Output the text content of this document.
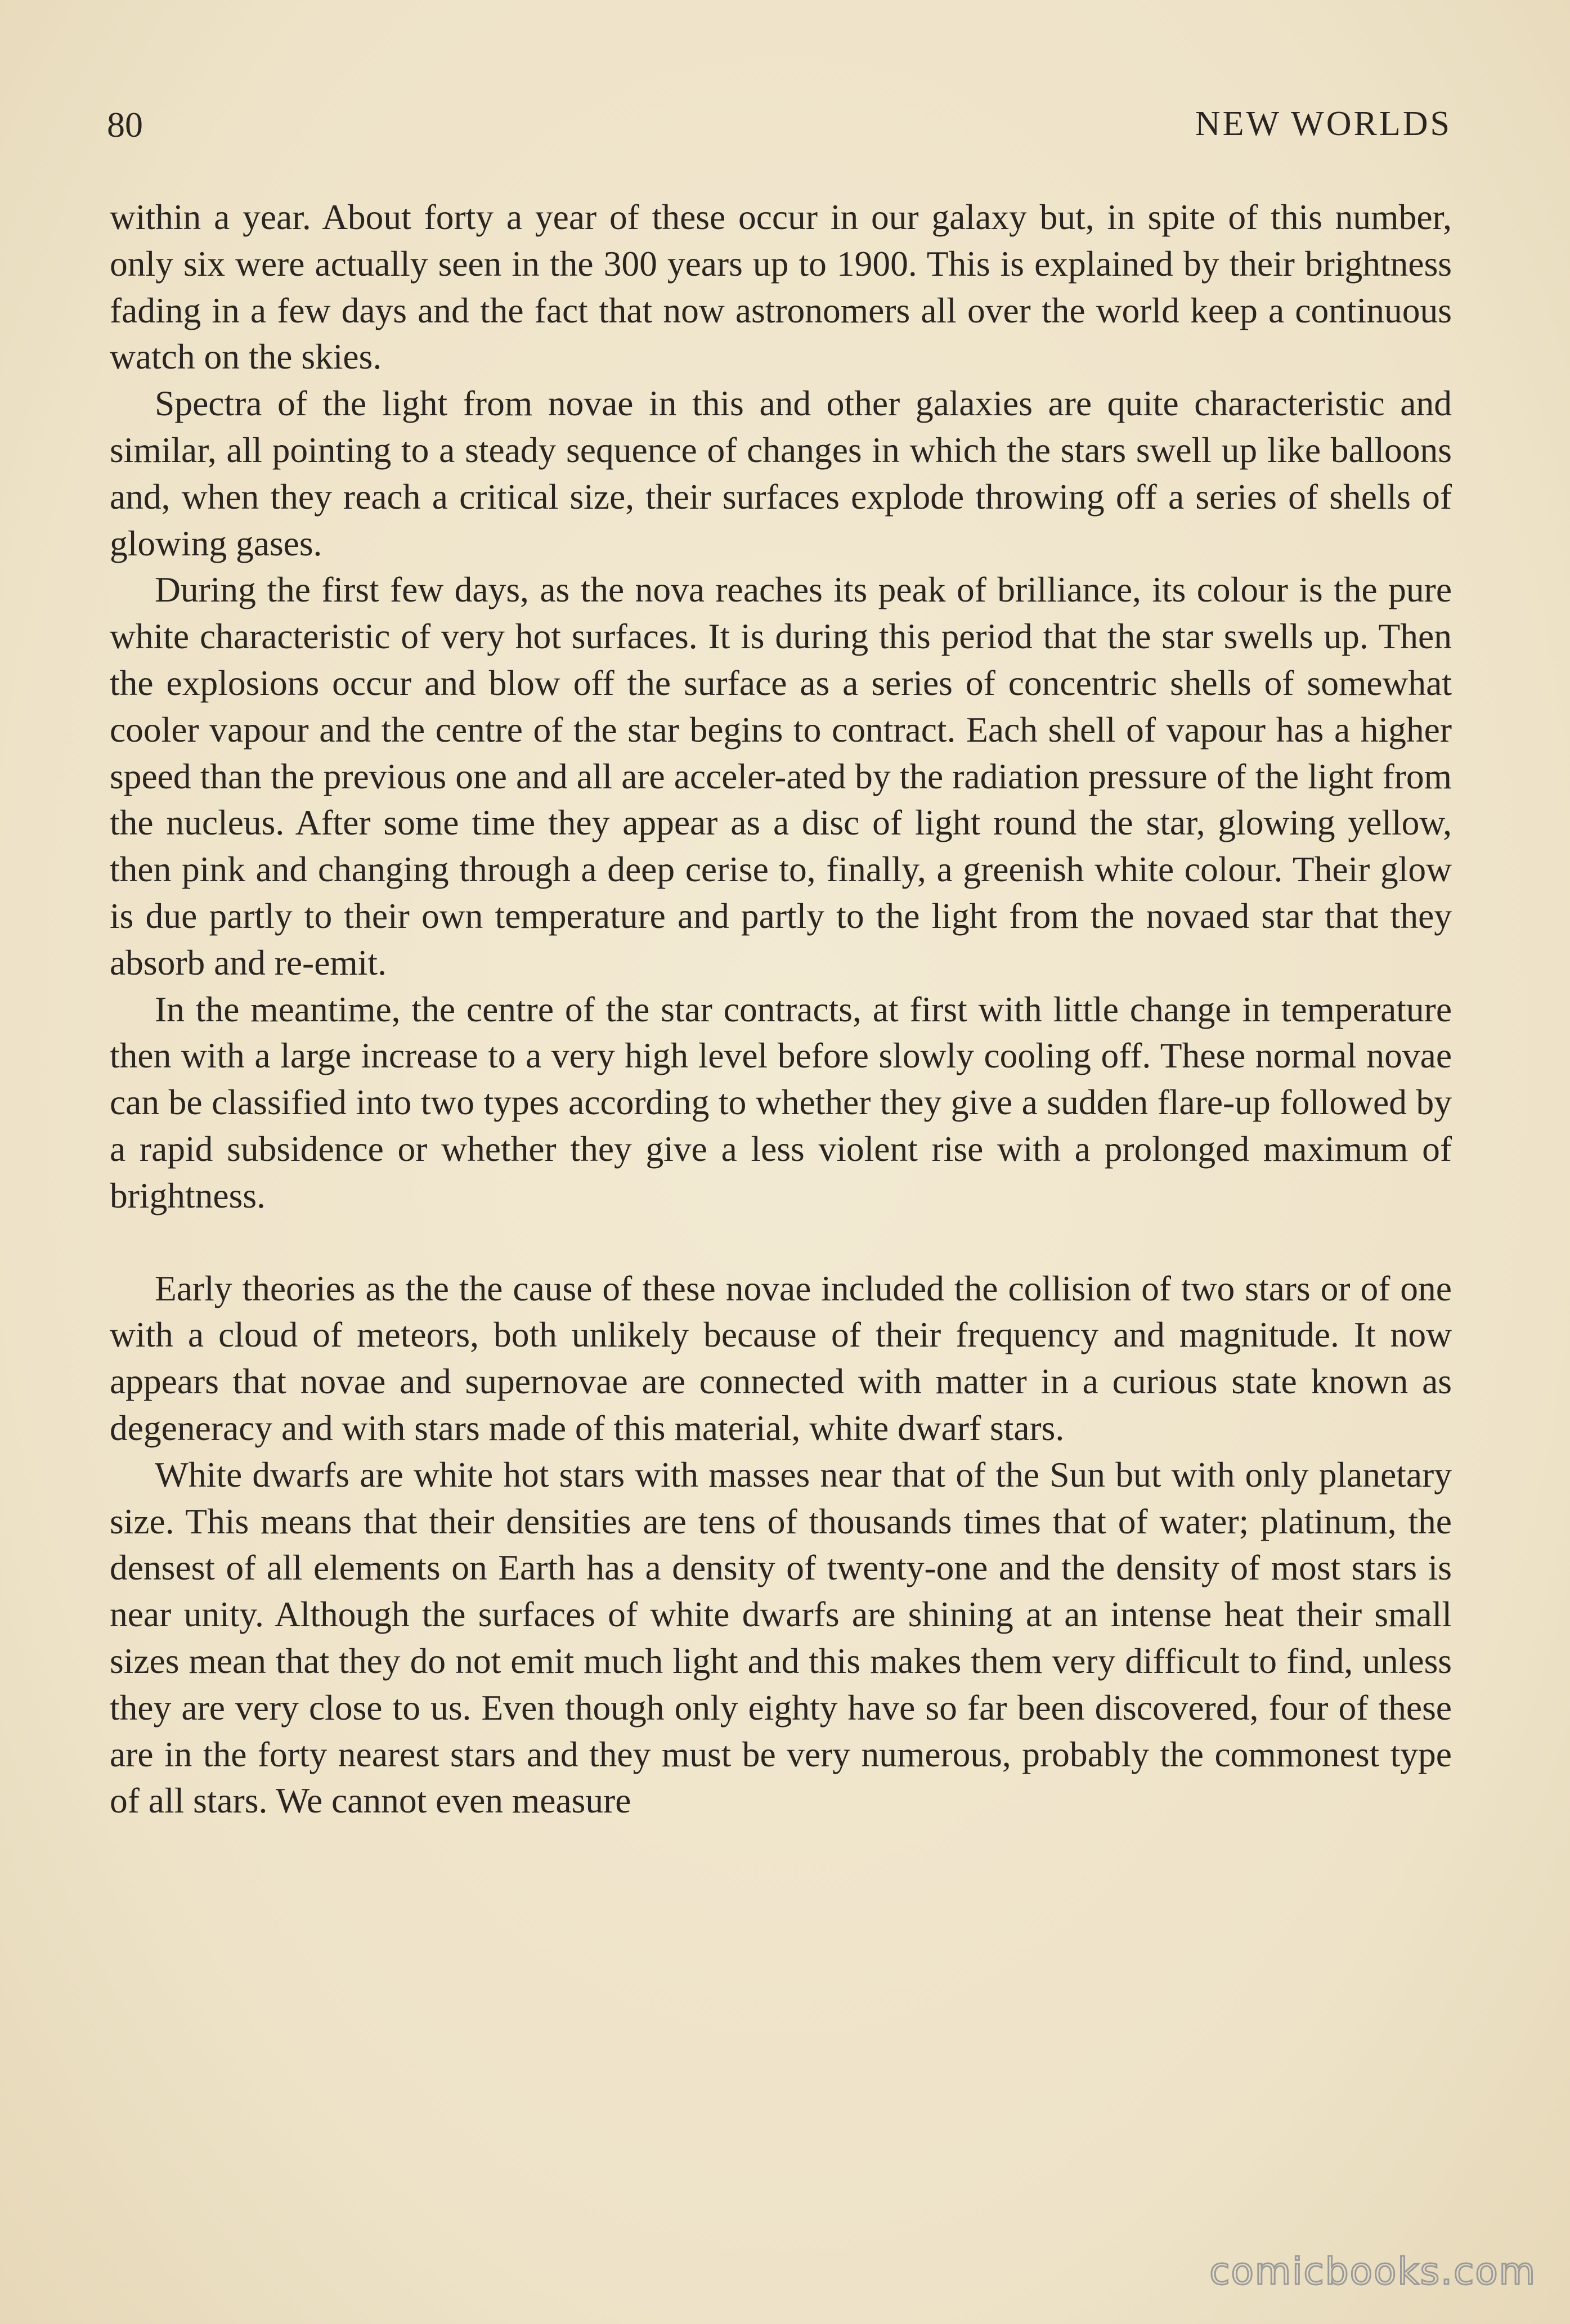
80	NEW WORLDS

within a year. About forty a year of these occur in our galaxy but, in spite of this number, only six were actually seen in the 300 years up to 1900. This is explained by their brightness fading in a few days and the fact that now astronomers all over the world keep a continuous watch on the skies.

Spectra of the light from novae in this and other galaxies are quite characteristic and similar, all pointing to a steady sequence of changes in which the stars swell up like balloons and, when they reach a critical size, their surfaces explode throwing off a series of shells of glowing gases.

During the first few days, as the nova reaches its peak of brilliance, its colour is the pure white characteristic of very hot surfaces. It is during this period that the star swells up. Then the explosions occur and blow off the surface as a series of concentric shells of somewhat cooler vapour and the centre of the star begins to contract. Each shell of vapour has a higher speed than the previous one and all are acceler-ated by the radiation pressure of the light from the nucleus. After some time they appear as a disc of light round the star, glowing yellow, then pink and changing through a deep cerise to, finally, a greenish white colour. Their glow is due partly to their own temperature and partly to the light from the novaed star that they absorb and re-emit.

In the meantime, the centre of the star contracts, at first with little change in temperature then with a large increase to a very high level before slowly cooling off. These normal novae can be classified into two types according to whether they give a sudden flare-up followed by a rapid subsidence or whether they give a less violent rise with a prolonged maximum of brightness.

Early theories as the the cause of these novae included the collision of two stars or of one with a cloud of meteors, both unlikely because of their frequency and magnitude. It now appears that novae and supernovae are connected with matter in a curious state known as degeneracy and with stars made of this material, white dwarf stars.

White dwarfs are white hot stars with masses near that of the Sun but with only planetary size. This means that their densities are tens of thousands times that of water; platinum, the densest of all elements on Earth has a density of twenty-one and the density of most stars is near unity. Although the surfaces of white dwarfs are shining at an intense heat their small sizes mean that they do not emit much light and this makes them very difficult to find, unless they are very close to us. Even though only eighty have so far been discovered, four of these are in the forty nearest stars and they must be very numerous, probably the commonest type of all stars. We cannot even measure

comicbooks.com
